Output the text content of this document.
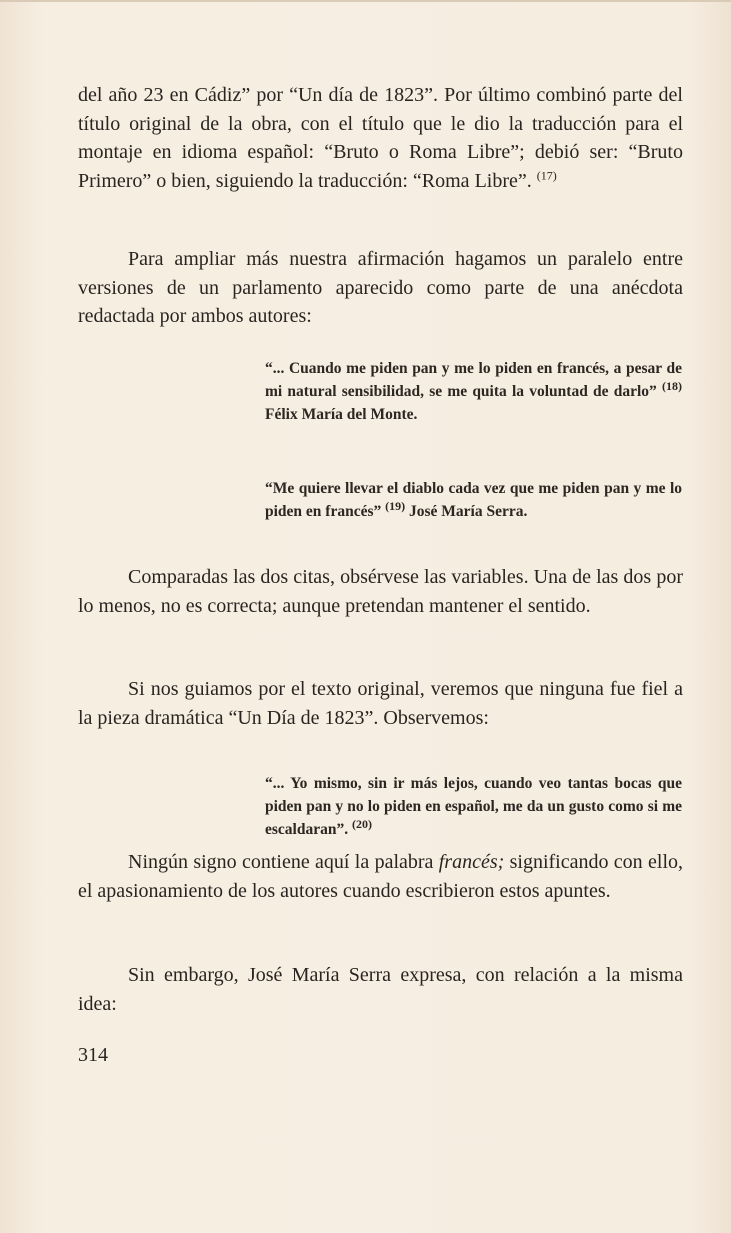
del año 23 en Cádiz” por “Un día de 1823”. Por último combinó parte del título original de la obra, con el título que le dio la traducción para el montaje en idioma español: “Bruto o Roma Libre”; debió ser: “Bruto Primero” o bien, siguiendo la traducción: “Roma Libre”. $^{(17)}$

Para ampliar más nuestra afirmación hagamos un paralelo entre versiones de un parlamento aparecido como parte de una anécdota redactada por ambos autores:

“... Cuando me piden pan y me lo piden en francés, a pesar de mi natural sensibilidad, se me quita la voluntad de darlo” $^{(18)}$ Félix María del Monte.

“Me quiere llevar el diablo cada vez que me piden pan y me lo piden en francés” $^{(19)}$ José María Serra.

Comparadas las dos citas, obsérvese las variables. Una de las dos por lo menos, no es correcta; aunque pretendan mantener el sentido.

Si nos guiamos por el texto original, veremos que ninguna fue fiel a la pieza dramática “Un Día de 1823”. Observemos:

“... Yo mismo, sin ir más lejos, cuando veo tantas bocas que piden pan y no lo piden en español, me da un gusto como si me escaldaran”. $^{(20)}$

Ningún signo contiene aquí la palabra francés; significando con ello, el apasionamiento de los autores cuando escribieron estos apuntes.

Sin embargo, José María Serra expresa, con relación a la misma idea:

314
